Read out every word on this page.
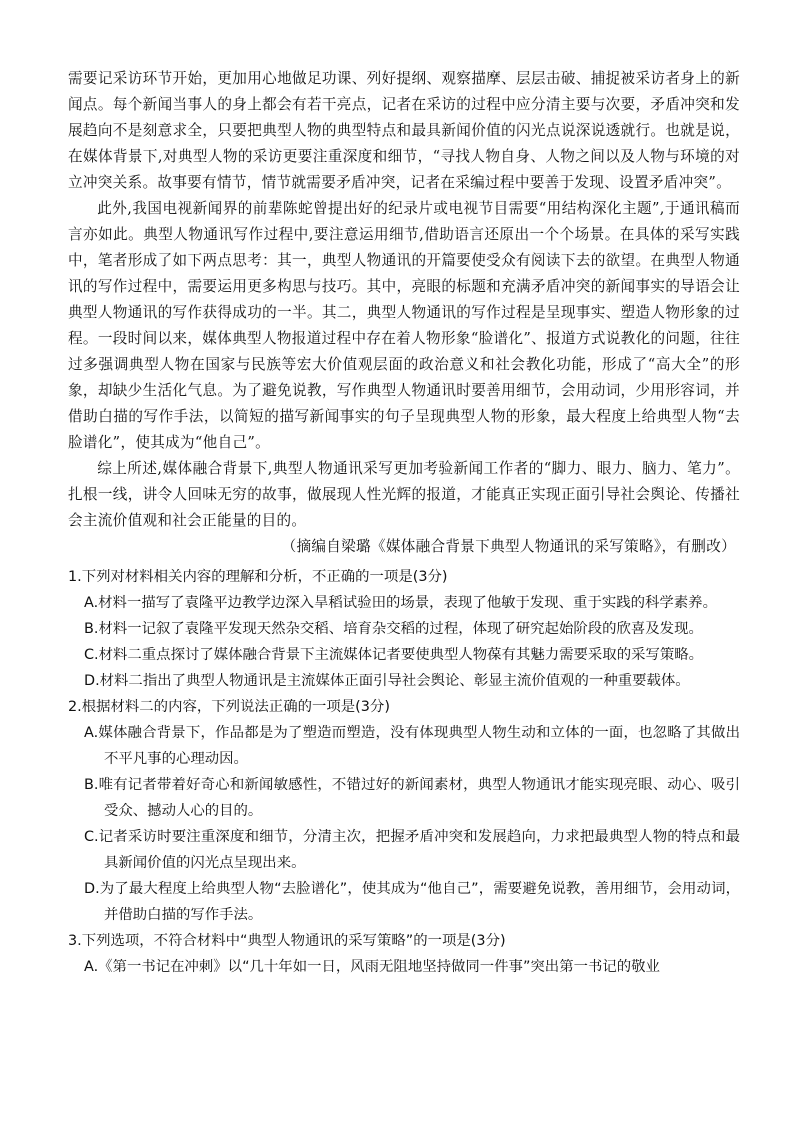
需要记采访环节开始，更加用心地做足功课、列好提纲、观察描摩、层层击破、捕捉被采访者身上的新闻点。每个新闻当事人的身上都会有若干亮点，记者在采访的过程中应分清主要与次要，矛盾冲突和发展趋向不是刻意求全，只要把典型人物的典型特点和最具新闻价值的闪光点说深说透就行。也就是说，在媒体背景下,对典型人物的采访更要注重深度和细节，“寻找人物自身、人物之间以及人物与环境的对立冲突关系。故事要有情节，情节就需要矛盾冲突，记者在采编过程中要善于发现、设置矛盾冲突”。

此外,我国电视新闻界的前辈陈蛇曾提出好的纪录片或电视节目需要“用结构深化主题”,于通讯稿而言亦如此。典型人物通讯写作过程中,要注意运用细节,借助语言还原出一个个场景。在具体的采写实践中，笔者形成了如下两点思考：其一，典型人物通讯的开篇要使受众有阅读下去的欲望。在典型人物通讯的写作过程中，需要运用更多构思与技巧。其中，亮眼的标题和充满矛盾冲突的新闻事实的导语会让典型人物通讯的写作获得成功的一半。其二，典型人物通讯的写作过程是呈现事实、塑造人物形象的过程。一段时间以来，媒体典型人物报道过程中存在着人物形象“脸谱化”、报道方式说教化的问题，往往过多强调典型人物在国家与民族等宏大价值观层面的政治意义和社会教化功能，形成了“高大全”的形象，却缺少生活化气息。为了避免说教，写作典型人物通讯时要善用细节，会用动词，少用形容词，并借助白描的写作手法，以简短的描写新闻事实的句子呈现典型人物的形象，最大程度上给典型人物“去脸谱化”，使其成为“他自己”。

综上所述,媒体融合背景下,典型人物通讯采写更加考验新闻工作者的“脚力、眼力、脑力、笔力”。扎根一线，讲令人回味无穷的故事，做展现人性光辉的报道，才能真正实现正面引导社会舆论、传播社会主流价值观和社会正能量的目的。

（摘编自梁璐《媒体融合背景下典型人物通讯的采写策略》，有删改）

1.下列对材料相关内容的理解和分析，不正确的一项是(3分)

A.材料一描写了袁隆平边教学边深入旱稻试验田的场景，表现了他敏于发现、重于实践的科学素养。

B.材料一记叙了袁隆平发现天然杂交稻、培育杂交稻的过程，体现了研究起始阶段的欣喜及发现。

C.材料二重点探讨了媒体融合背景下主流媒体记者要使典型人物葆有其魅力需要采取的采写策略。

D.材料二指出了典型人物通讯是主流媒体正面引导社会舆论、彰显主流价值观的一种重要载体。

2.根据材料二的内容，下列说法正确的一项是(3分)

A.媒体融合背景下，作品都是为了塑造而塑造，没有体现典型人物生动和立体的一面，也忽略了其做出不平凡事的心理动因。

B.唯有记者带着好奇心和新闻敏感性，不错过好的新闻素材，典型人物通讯才能实现亮眼、动心、吸引受众、撼动人心的目的。

C.记者采访时要注重深度和细节，分清主次，把握矛盾冲突和发展趋向，力求把最典型人物的特点和最具新闻价值的闪光点呈现出来。

D.为了最大程度上给典型人物“去脸谱化”，使其成为“他自己”，需要避免说教，善用细节，会用动词，并借助白描的写作手法。

3.下列选项，不符合材料中“典型人物通讯的采写策略”的一项是(3分)

A.《第一书记在冲刺》以“几十年如一日，风雨无阻地坚持做同一件事”突出第一书记的敬业
